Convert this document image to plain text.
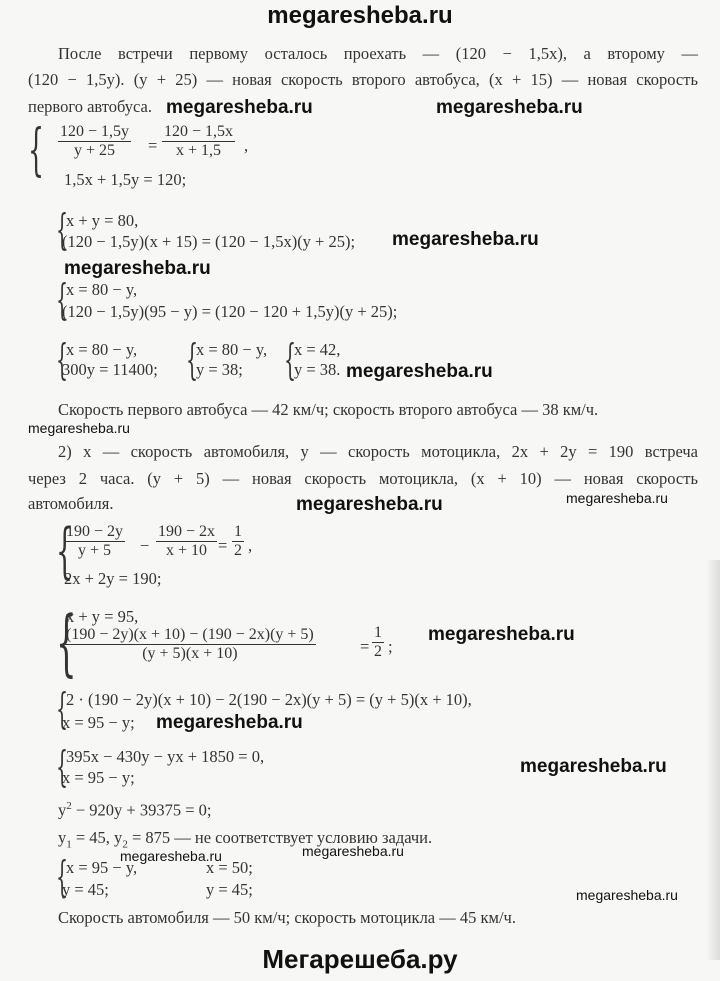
megaresheba.ru
После встречи первому осталось проехать — (120 − 1,5x), а второму —
(120 − 1,5y). (y + 25) — новая скорость второго автобуса, (x + 15) — новая скорость
первого автобуса.
{ $\frac{120 - 1,5y}{y + 25} = \frac{120 - 1,5x}{x + 1,5}$ ,
1,5x + 1,5y = 120;
{
x + y = 80,
(120 − 1,5y)(x + 15) = (120 − 1,5x)(y + 25);
{
x = 80 − y,
(120 − 1,5y)(95 − y) = (120 − 120 + 1,5y)(y + 25);
{
x = 80 − y,
300y = 11400; {
x = 80 − y,
y = 38; {
x = 42,
y = 38.
Скорость первого автобуса — 42 км/ч; скорость второго автобуса — 38 км/ч.
2) x — скорость автомобиля, y — скорость мотоцикла, 2x + 2y = 190 встреча
через 2 часа. (y + 5) — новая скорость мотоцикла, (x + 10) — новая скорость
автомобиля.
{
$\frac{190 - 2y}{y + 5} - \frac{190 - 2x}{x + 10} = \frac{1}{2}$ ,
2x + 2y = 190;
{
x + y = 95,
$\frac{(190 - 2y)(x + 10) - (190 - 2x)(y + 5)}{(y + 5)(x + 10)}$	= $\frac{1}{2}$ ;
{
2 · (190 − 2y)(x + 10) − 2(190 − 2x)(y + 5) = (y + 5)(x + 10),
x = 95 − y;
{
395x − 430y − yx + 1850 = 0,
x = 95 − y;
$y^2 - 920y + 39375 = 0$;
$y_1 = 45$, $y_2 = 875$ — не соответствует условию задачи.
{
x = 95 − y,
y = 45;
x = 50;
y = 45;
Скорость автомобиля — 50 км/ч; скорость мотоцикла — 45 км/ч.
megaresheba.ru	megaresheba.ru
megaresheba.ru
megaresheba.ru
megaresheba.ru
megaresheba.ru
megaresheba.ru	megaresheba.ru
megaresheba.ru
megaresheba.ru
megaresheba.ru
megaresheba.ru	megaresheba.ru
megaresheba.ru
Мегарешеба.ру
